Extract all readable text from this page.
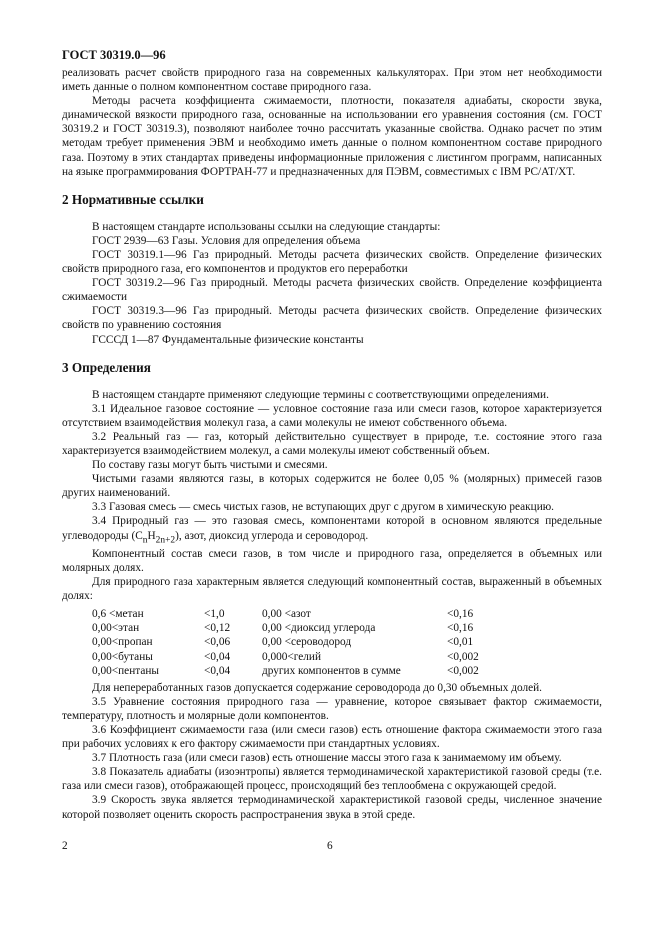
ГОСТ 30319.0—96

реализовать расчет свойств природного газа на современных калькуляторах. При этом нет необходимости иметь данные о полном компонентном составе природного газа.

Методы расчета коэффициента сжимаемости, плотности, показателя адиабаты, скорости звука, динамической вязкости природного газа, основанные на использовании его уравнения состояния (см. ГОСТ 30319.2 и ГОСТ 30319.3), позволяют наиболее точно рассчитать указанные свойства. Однако расчет по этим методам требует применения ЭВМ и необходимо иметь данные о полном компонентном составе природного газа. Поэтому в этих стандартах приведены информационные приложения с листингом программ, написанных на языке программирования ФОРТРАН-77 и предназначенных для ПЭВМ, совместимых с IBM PC/AT/XT.

2 Нормативные ссылки

В настоящем стандарте использованы ссылки на следующие стандарты:

ГОСТ 2939—63 Газы. Условия для определения объема

ГОСТ 30319.1—96 Газ природный. Методы расчета физических свойств. Определение физических свойств природного газа, его компонентов и продуктов его переработки

ГОСТ 30319.2—96 Газ природный. Методы расчета физических свойств. Определение коэффициента сжимаемости

ГОСТ 30319.3—96 Газ природный. Методы расчета физических свойств. Определение физических свойств по уравнению состояния

ГСССД 1—87 Фундаментальные физические константы

3 Определения

В настоящем стандарте применяют следующие термины с соответствующими определениями.

3.1 Идеальное газовое состояние — условное состояние газа или смеси газов, которое характеризуется отсутствием взаимодействия молекул газа, а сами молекулы не имеют собственного объема.

3.2 Реальный газ — газ, который действительно существует в природе, т.е. состояние этого газа характеризуется взаимодействием молекул, а сами молекулы имеют собственный объем.

По составу газы могут быть чистыми и смесями.

Чистыми газами являются газы, в которых содержится не более 0,05 % (молярных) примесей газов других наименований.

3.3 Газовая смесь — смесь чистых газов, не вступающих друг с другом в химическую реакцию.

3.4 Природный газ — это газовая смесь, компонентами которой в основном являются предельные углеводороды $(C_nH_{2n+2})$, азот, диоксид углерода и сероводород.

Компонентный состав смеси газов, в том числе и природного газа, определяется в объемных или молярных долях.

Для природного газа характерным является следующий компонентный состав, выраженный в объемных долях:

0,6 <метан	<1,0	0,00 <азот	<0,16
0,00<этан	<0,12	0,00 <диоксид углерода	<0,16
0,00<пропан	<0,06	0,00 <сероводород	<0,01
0,00<бутаны	<0,04	0,000<гелий	<0,002
0,00<пентаны	<0,04	других компонентов в сумме	<0,002

Для непереработанных газов допускается содержание сероводорода до 0,30 объемных долей.

3.5 Уравнение состояния природного газа — уравнение, которое связывает фактор сжимаемости, температуру, плотность и молярные доли компонентов.

3.6 Коэффициент сжимаемости газа (или смеси газов) есть отношение фактора сжимаемости этого газа при рабочих условиях к его фактору сжимаемости при стандартных условиях.

3.7 Плотность газа (или смеси газов) есть отношение массы этого газа к занимаемому им объему.

3.8 Показатель адиабаты (изоэнтропы) является термодинамической характеристикой газовой среды (т.е. газа или смеси газов), отображающей процесс, происходящий без теплообмена с окружающей средой.

3.9 Скорость звука является термодинамической характеристикой газовой среды, численное значение которой позволяет оценить скорость распространения звука в этой среде.

2	6
